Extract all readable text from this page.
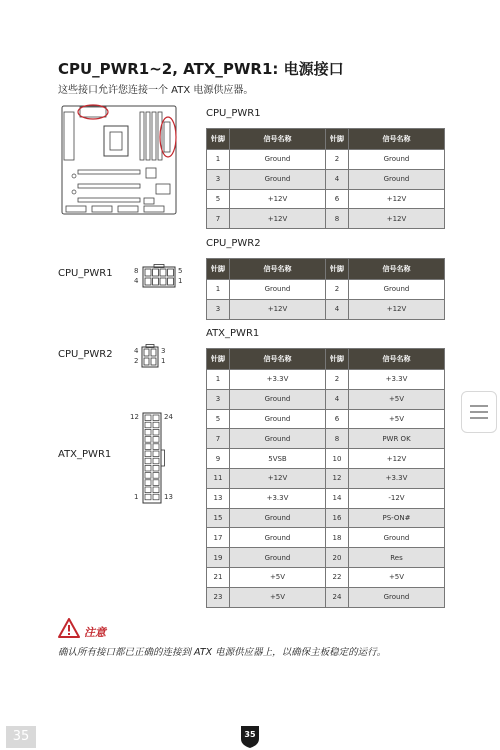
CPU_PWR1~2, ATX_PWR1: 电源接口
这些接口允许您连接一个 ATX 电源供应器。
CPU_PWR1
CPU_PWR2
ATX_PWR1
针脚	信号名称	针脚	信号名称
1	Ground	2	Ground
3	Ground	4	Ground
5	+12V	6	+12V
7	+12V	8	+12V
针脚	信号名称	针脚	信号名称
1	Ground	2	Ground
3	+12V	4	+12V
针脚	信号名称	针脚	信号名称
1	+3.3V	2	+3.3V
3	Ground	4	+5V
5	Ground	6	+5V
7	Ground	8	PWR OK
9	5VSB	10	+12V
11	+12V	12	+3.3V
13	+3.3V	14	-12V
15	Ground	16	PS-ON#
17	Ground	18	Ground
19	Ground	20	Res
21	+5V	22	+5V
23	+5V	24	Ground
CPU_PWR1
CPU_PWR2
ATX_PWR1
8
4
5
1
4
2
3
1
12	24
1	13
注意
确认所有接口都已正确的连接到 ATX 电源供应器上，以确保主板稳定的运行。
35	35
